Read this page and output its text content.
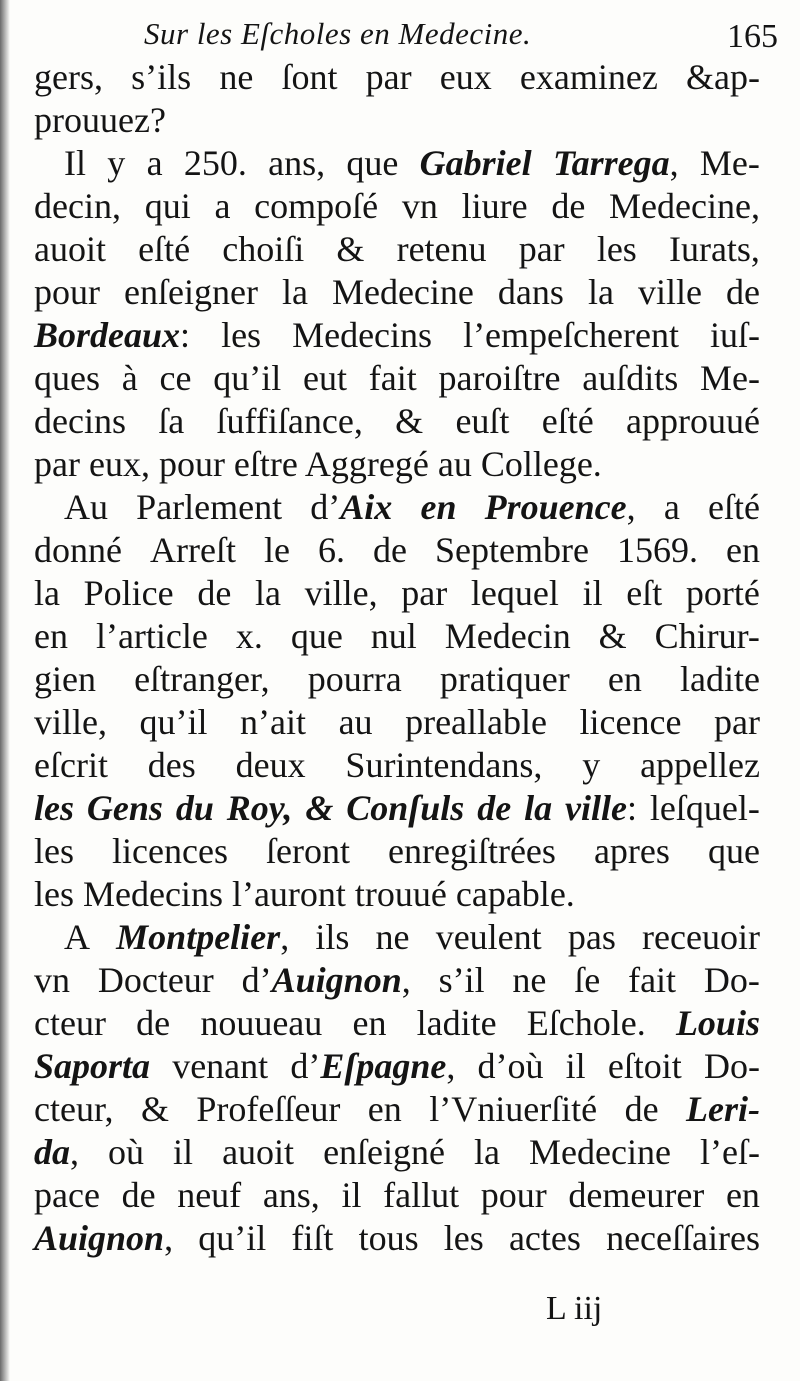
Sur les Eſcholes en Medecine.	165
gers, s’ils ne ſont par eux examinez &ap-
prouuez?
Il y a 250. ans, que Gabriel Tarrega, Me-
decin, qui a compoſé vn liure de Medecine,
auoit eſté choiſi & retenu par les Iurats,
pour enſeigner la Medecine dans la ville de
Bordeaux: les Medecins l’empeſcherent iuſ-
ques à ce qu’il eut fait paroiſtre auſdits Me-
decins ſa ſuffiſance, & euſt eſté approuué
par eux, pour eſtre Aggregé au College.
Au Parlement d’Aix en Prouence, a eſté
donné Arreſt le 6. de Septembre 1569. en
la Police de la ville, par lequel il eſt porté
en l’article x. que nul Medecin & Chirur-
gien eſtranger, pourra pratiquer en ladite
ville, qu’il n’ait au preallable licence par
eſcrit des deux Surintendans, y appellez
les Gens du Roy, & Conſuls de la ville: leſquel-
les licences ſeront enregiſtrées apres que
les Medecins l’auront trouué capable.
A Montpelier, ils ne veulent pas receuoir
vn Docteur d’Auignon, s’il ne ſe fait Do-
cteur de nouueau en ladite Eſchole. Louis
Saporta venant d’Eſpagne, d’où il eſtoit Do-
cteur, & Profeſſeur en l’Vniuerſité de Leri-
da, où il auoit enſeigné la Medecine l’eſ-
pace de neuf ans, il fallut pour demeurer en
Auignon, qu’il fiſt tous les actes neceſſaires
L iij
